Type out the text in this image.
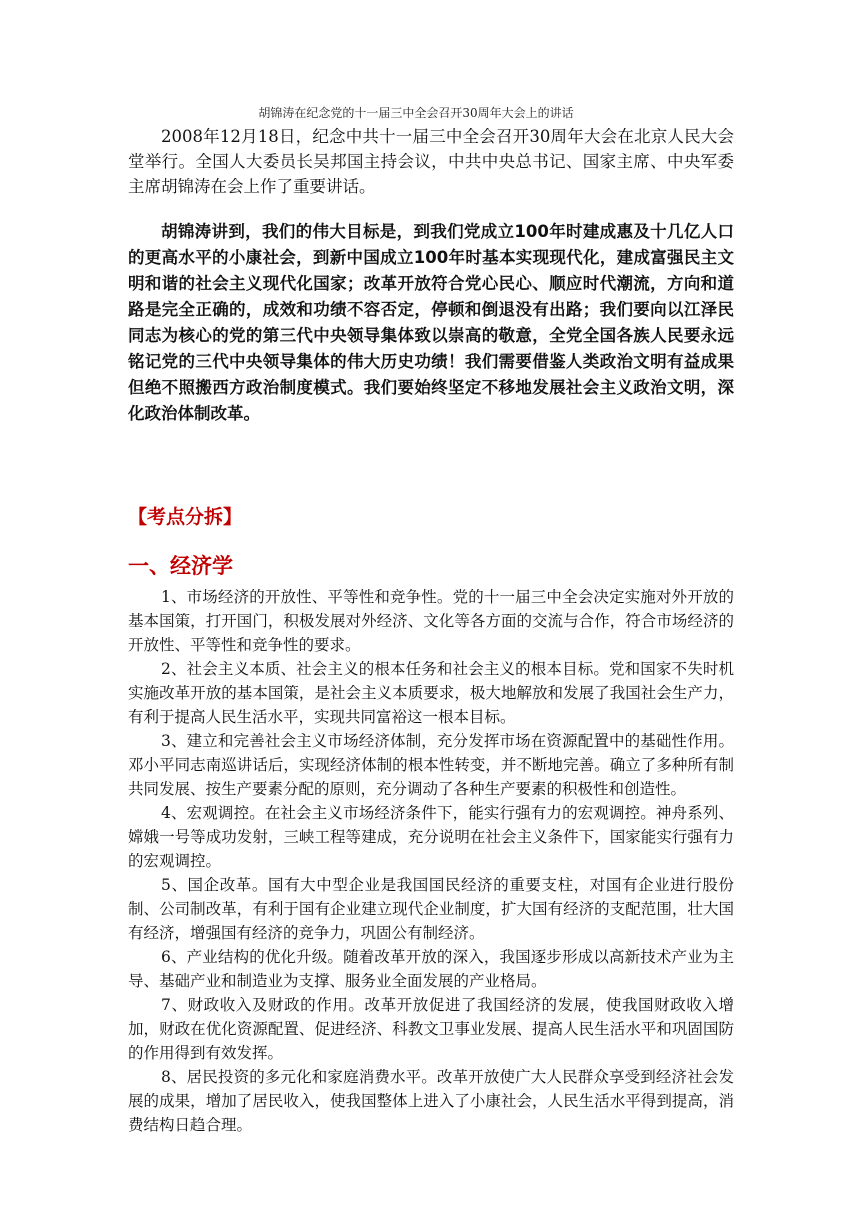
胡锦涛在纪念党的十一届三中全会召开30周年大会上的讲话

2008年12月18日，纪念中共十一届三中全会召开30周年大会在北京人民大会堂举行。全国人大委员长吴邦国主持会议，中共中央总书记、国家主席、中央军委主席胡锦涛在会上作了重要讲话。

胡锦涛讲到，我们的伟大目标是，到我们党成立100年时建成惠及十几亿人口的更高水平的小康社会，到新中国成立100年时基本实现现代化，建成富强民主文明和谐的社会主义现代化国家；改革开放符合党心民心、顺应时代潮流，方向和道路是完全正确的，成效和功绩不容否定，停顿和倒退没有出路；我们要向以江泽民同志为核心的党的第三代中央领导集体致以崇高的敬意，全党全国各族人民要永远铭记党的三代中央领导集体的伟大历史功绩！我们需要借鉴人类政治文明有益成果但绝不照搬西方政治制度模式。我们要始终坚定不移地发展社会主义政治文明，深化政治体制改革。

【考点分拆】

一、经济学

1、市场经济的开放性、平等性和竞争性。党的十一届三中全会决定实施对外开放的基本国策，打开国门，积极发展对外经济、文化等各方面的交流与合作，符合市场经济的开放性、平等性和竞争性的要求。

2、社会主义本质、社会主义的根本任务和社会主义的根本目标。党和国家不失时机实施改革开放的基本国策，是社会主义本质要求，极大地解放和发展了我国社会生产力，有利于提高人民生活水平，实现共同富裕这一根本目标。

3、建立和完善社会主义市场经济体制，充分发挥市场在资源配置中的基础性作用。邓小平同志南巡讲话后，实现经济体制的根本性转变，并不断地完善。确立了多种所有制共同发展、按生产要素分配的原则，充分调动了各种生产要素的积极性和创造性。

4、宏观调控。在社会主义市场经济条件下，能实行强有力的宏观调控。神舟系列、嫦娥一号等成功发射，三峡工程等建成，充分说明在社会主义条件下，国家能实行强有力的宏观调控。

5、国企改革。国有大中型企业是我国国民经济的重要支柱，对国有企业进行股份制、公司制改革，有利于国有企业建立现代企业制度，扩大国有经济的支配范围，壮大国有经济，增强国有经济的竞争力，巩固公有制经济。

6、产业结构的优化升级。随着改革开放的深入，我国逐步形成以高新技术产业为主导、基础产业和制造业为支撑、服务业全面发展的产业格局。

7、财政收入及财政的作用。改革开放促进了我国经济的发展，使我国财政收入增加，财政在优化资源配置、促进经济、科教文卫事业发展、提高人民生活水平和巩固国防的作用得到有效发挥。

8、居民投资的多元化和家庭消费水平。改革开放使广大人民群众享受到经济社会发展的成果，增加了居民收入，使我国整体上进入了小康社会，人民生活水平得到提高，消费结构日趋合理。
